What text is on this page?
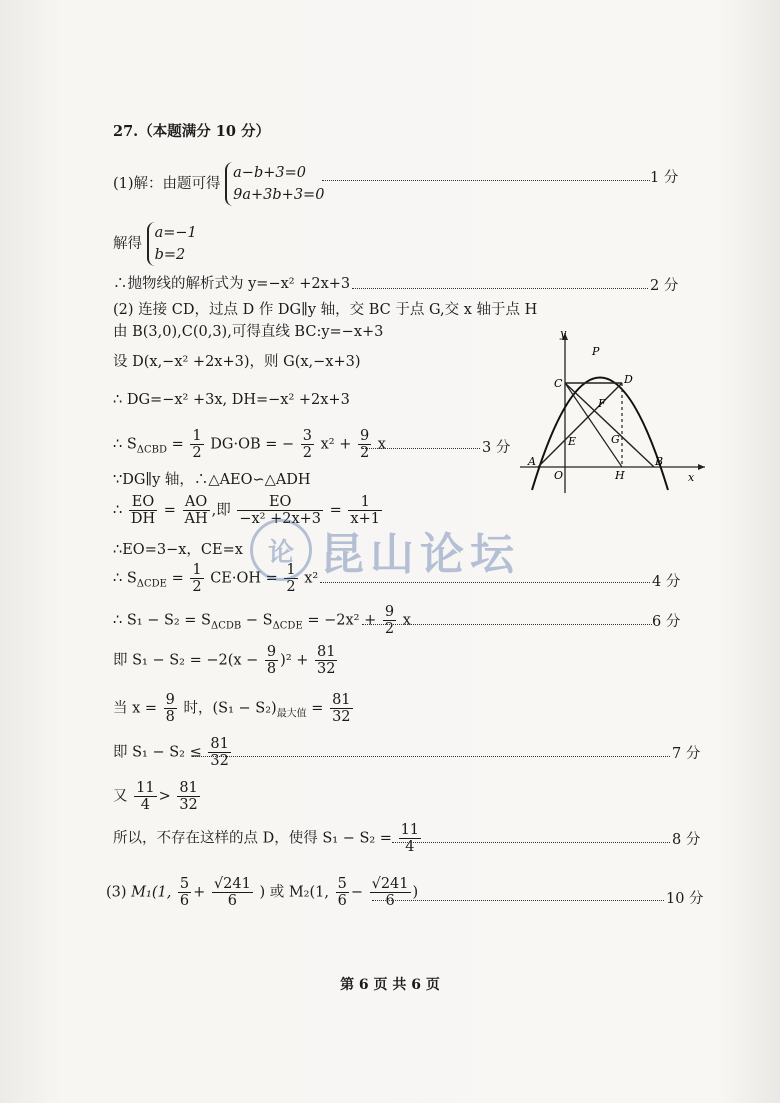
27.（本题满分 10 分）
(1)解：由题可得 a−b+3=0
9a+3b+3=0
1 分
解得 a=−1
b=2
∴抛物线的解析式为 y=−x² +2x+3	2 分
(2) 连接 CD，过点 D 作 DG∥y 轴，交 BC 于点 G,交 x 轴于点 H
由 B(3,0),C(0,3),可得直线 BC:y=−x+3
设 D(x,−x² +2x+3)，则 G(x,−x+3)
∴ DG=−x² +3x, DH=−x² +2x+3
∴ $S_{\Delta CBD} = \frac{1}{2} DG\cdot OB$ = − $\frac{3}{2} x^2 + \frac{9}{2}$ x	3 分
∵DG∥y 轴，∴△AEO∽△ADH
∴ $\frac{EO}{DH} = \frac{AO}{AH}$ ,即 $\frac{EO}{\text{−x² +2x+3}} = \frac{1}{x+1}$
∴EO=3−x，CE=x
∴ $S_{\Delta CDE} = \frac{1}{2} CE\cdot OH = \frac{1}{2} x^2$	4 分
∴ $S_1 - S_2 = S_{\Delta CDB} - S_{\Delta CDE} = -2x^2 + \frac{9}{2}$ x	6 分
即 $S_1 - S_2 = -2(x - \frac{9}{8} )^2 + \frac{81}{32}$
当 $x = \frac{9}{8}$ 时，$(S_1 - S_2)_{最大值} = \frac{81}{32}$
即 $S_1 - S_2 \le \frac{81}{32}$	7 分
又 $\frac{11}{4} > \frac{81}{32}$
所以，不存在这样的点 D，使得 $S_1 - S_2 = \frac{11}{4}$	8 分
(3) M₁(1, $\frac{5}{6} + \frac{√241}{6}$ ) 或 M₂(1, $\frac{5}{6} - \frac{√241}{6}$ )	10 分
y
P
C	D
F
E	G
A
O	H
B
x
论 昆山论坛
第 6 页 共 6 页
